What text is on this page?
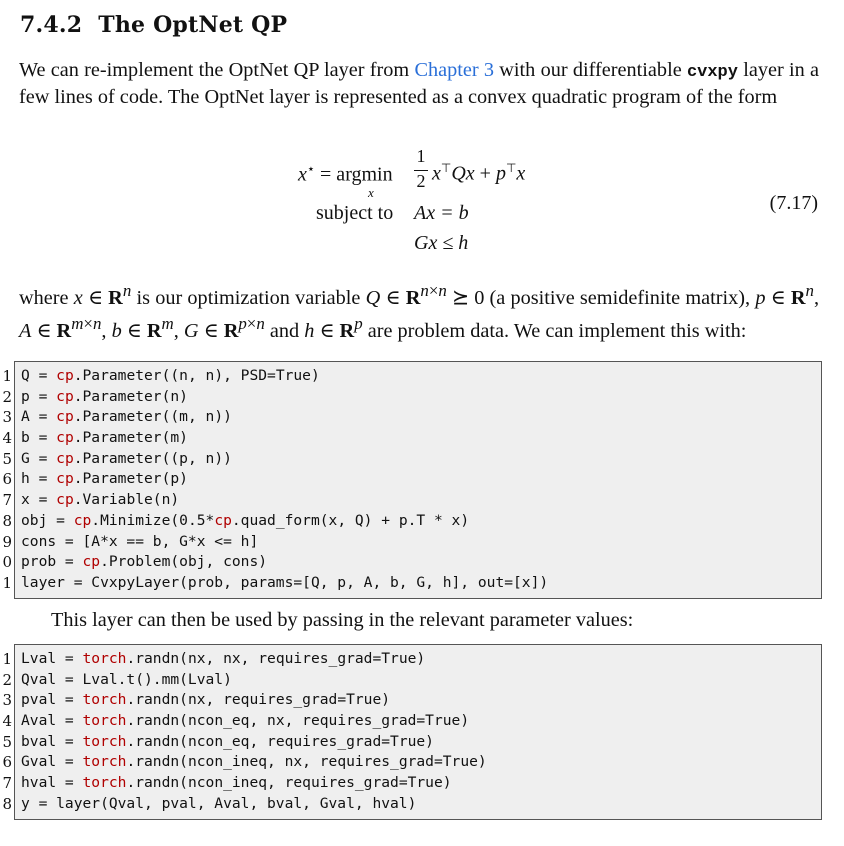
7.4.2 The OptNet QP

We can re-implement the OptNet QP layer from Chapter 3 with our differentiable cvxpy layer in a few lines of code. The OptNet layer is represented as a convex quadratic program of the form

x⋆ = argmin
x
1
2 x⊤Qx + p⊤x
subject to Ax = b
Gx ≤ h
(7.17)

where x ∈ $R^n$ is our optimization variable Q ∈ $R^{n\times n}$ ⪰ 0 (a positive semidefinite matrix), p ∈ $R^n$, A ∈ $R^{m\times n}$, b ∈ $R^m$, G ∈ $R^{p\times n}$ and h ∈ $R^p$ are problem data. We can implement this with:

1 Q = cp.Parameter((n, n), PSD=True)
2 p = cp.Parameter(n)
3 A = cp.Parameter((m, n))
4 b = cp.Parameter(m)
5 G = cp.Parameter((p, n))
6 h = cp.Parameter(p)
7 x = cp.Variable(n)
8 obj = cp.Minimize(0.5*cp.quad_form(x, Q) + p.T * x)
9 cons = [A*x == b, G*x <= h]
0 prob = cp.Problem(obj, cons)
1 layer = CvxpyLayer(prob, params=[Q, p, A, b, G, h], out=[x])

This layer can then be used by passing in the relevant parameter values:

1 Lval = torch.randn(nx, nx, requires_grad=True)
2 Qval = Lval.t().mm(Lval)
3 pval = torch.randn(nx, requires_grad=True)
4 Aval = torch.randn(ncon_eq, nx, requires_grad=True)
5 bval = torch.randn(ncon_eq, requires_grad=True)
6 Gval = torch.randn(ncon_ineq, nx, requires_grad=True)
7 hval = torch.randn(ncon_ineq, requires_grad=True)
8 y = layer(Qval, pval, Aval, bval, Gval, hval)
